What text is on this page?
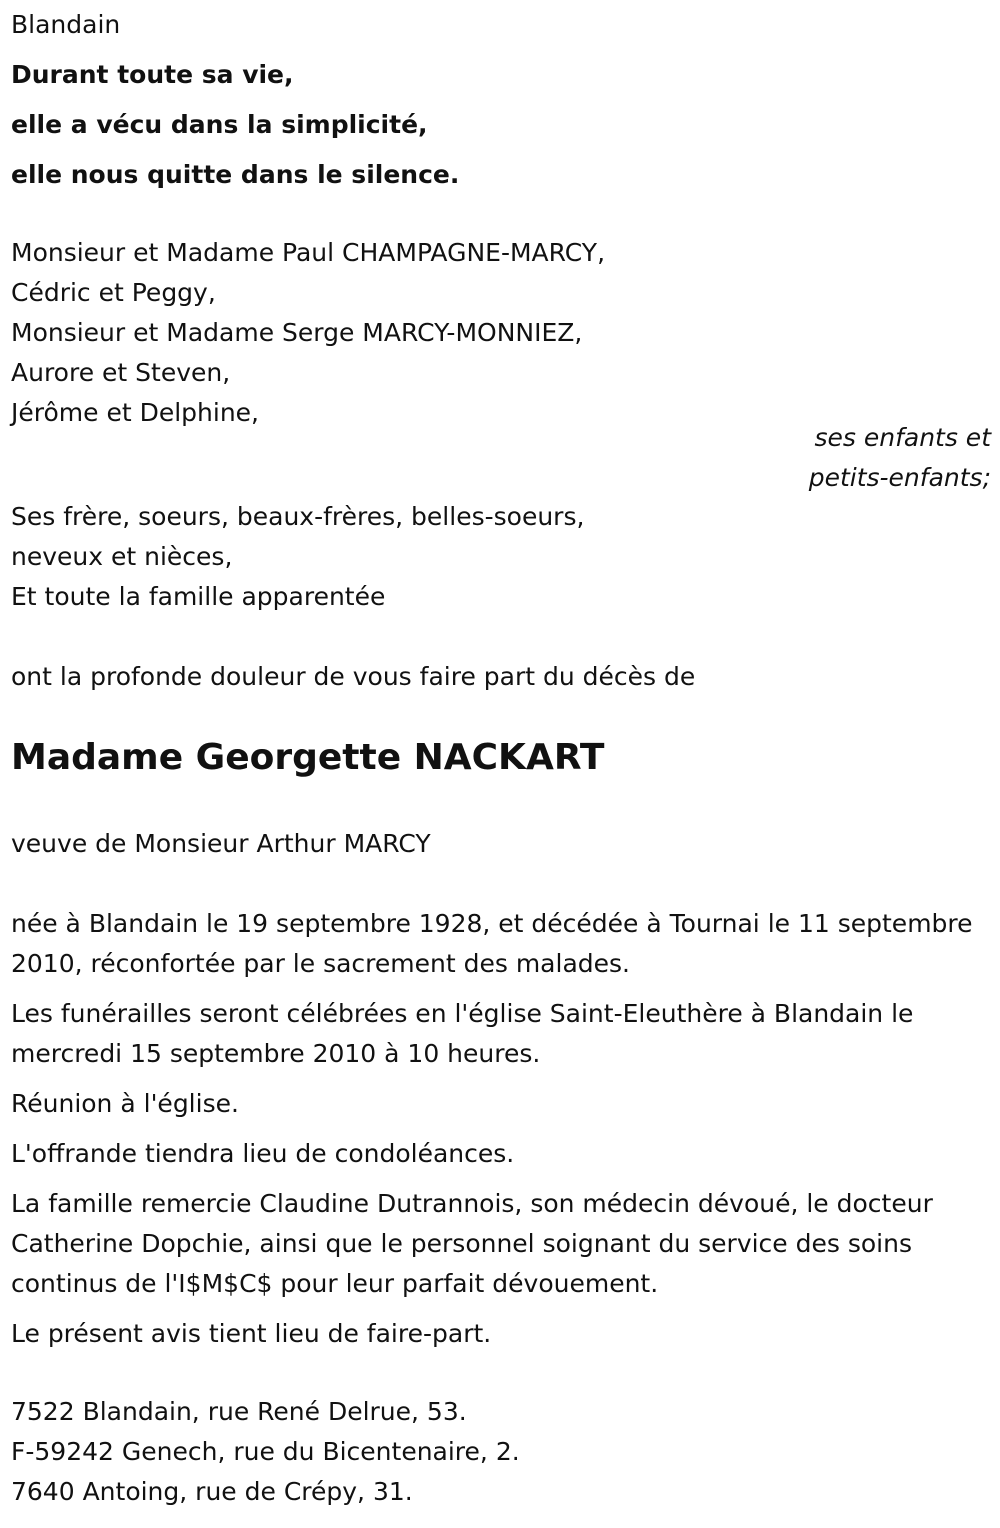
Blandain
Durant toute sa vie,
elle a vécu dans la simplicité,
elle nous quitte dans le silence.
Monsieur et Madame Paul CHAMPAGNE-MARCY,
Cédric et Peggy,
Monsieur et Madame Serge MARCY-MONNIEZ,
Aurore et Steven,
Jérôme et Delphine,
ses enfants et
petits-enfants;
Ses frère, soeurs, beaux-frères, belles-soeurs,
neveux et nièces,
Et toute la famille apparentée
ont la profonde douleur de vous faire part du décès de
Madame Georgette NACKART
veuve de Monsieur Arthur MARCY

née à Blandain le 19 septembre 1928, et décédée à Tournai le 11 septembre 2010, réconfortée par le sacrement des malades.

Les funérailles seront célébrées en l'église Saint-Eleuthère à Blandain le mercredi 15 septembre 2010 à 10 heures.

Réunion à l'église.

L'offrande tiendra lieu de condoléances.

La famille remercie Claudine Dutrannois, son médecin dévoué, le docteur Catherine Dopchie, ainsi que le personnel soignant du service des soins continus de l'I$M$C$ pour leur parfait dévouement.

Le présent avis tient lieu de faire-part.

7522 Blandain, rue René Delrue, 53.
F-59242 Genech, rue du Bicentenaire, 2.
7640 Antoing, rue de Crépy, 31.
